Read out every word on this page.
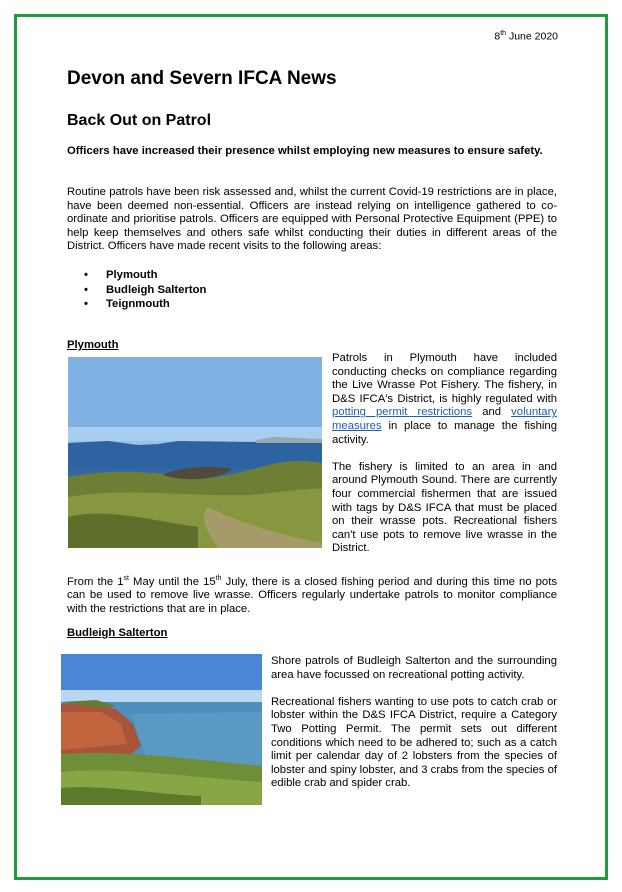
8th June 2020
Devon and Severn IFCA News
Back Out on Patrol
Officers have increased their presence whilst employing new measures to ensure safety.
Routine patrols have been risk assessed and, whilst the current Covid-19 restrictions are in place, have been deemed non-essential. Officers are instead relying on intelligence gathered to co-ordinate and prioritise patrols. Officers are equipped with Personal Protective Equipment (PPE) to help keep themselves and others safe whilst conducting their duties in different areas of the District. Officers have made recent visits to the following areas:
• Plymouth
• Budleigh Salterton
• Teignmouth
Plymouth

Patrols in Plymouth have included conducting checks on compliance regarding the Live Wrasse Pot Fishery. The fishery, in D&S IFCA's District, is highly regulated with potting permit restrictions and voluntary measures in place to manage the fishing activity.

The fishery is limited to an area in and around Plymouth Sound. There are currently four commercial fishermen that are issued with tags by D&S IFCA that must be placed on their wrasse pots. Recreational fishers can't use pots to remove live wrasse in the District.

From the 1st May until the 15th July, there is a closed fishing period and during this time no pots can be used to remove live wrasse. Officers regularly undertake patrols to monitor compliance with the restrictions that are in place.
Budleigh Salterton

Shore patrols of Budleigh Salterton and the surrounding area have focussed on recreational potting activity.

Recreational fishers wanting to use pots to catch crab or lobster within the D&S IFCA District, require a Category Two Potting Permit. The permit sets out different conditions which need to be adhered to; such as a catch limit per calendar day of 2 lobsters from the species of lobster and spiny lobster, and 3 crabs from the species of edible crab and spider crab.
